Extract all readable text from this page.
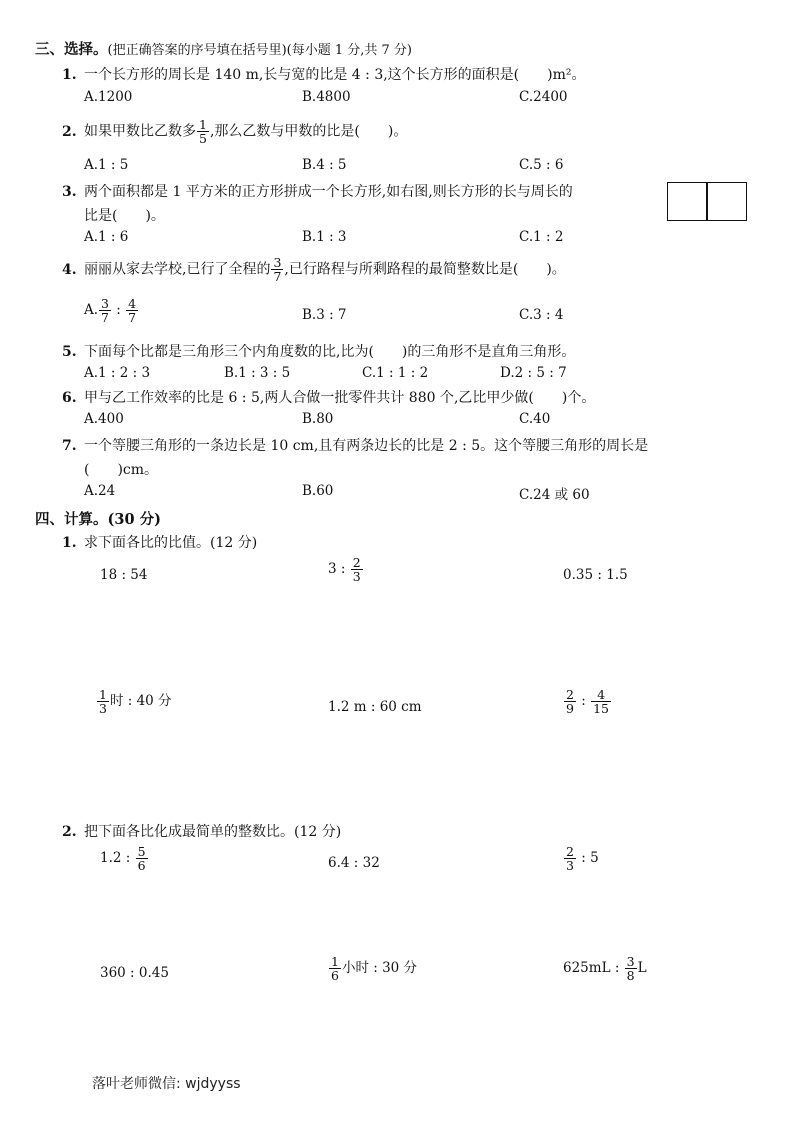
三、选择。(把正确答案的序号填在括号里)(每小题 1 分,共 7 分)
1. 一个长方形的周长是 140 m,长与宽的比是 4 : 3,这个长方形的面积是(　　)m²。
A.1200	B.4800	C.2400
2. 如果甲数比乙数多 $\frac{1}{5}$ ,那么乙数与甲数的比是(　　)。
A.1 : 5	B.4 : 5	C.5 : 6
3. 两个面积都是 1 平方米的正方形拼成一个长方形,如右图,则长方形的长与周长的
比是(　　)。
A.1 : 6	B.1 : 3	C.1 : 2
4. 丽丽从家去学校,已行了全程的 $\frac{3}{7}$ ,已行路程与所剩路程的最简整数比是(　　)。
A. $\frac{3}{7}$ : $\frac{4}{7}$	B.3 : 7	C.3 : 4
5. 下面每个比都是三角形三个内角度数的比,比为(　　)的三角形不是直角三角形。
A.1 : 2 : 3	B.1 : 3 : 5	C.1 : 1 : 2	D.2 : 5 : 7
6. 甲与乙工作效率的比是 6 : 5,两人合做一批零件共计 880 个,乙比甲少做(　　)个。
A.400	B.80	C.40
7. 一个等腰三角形的一条边长是 10 cm,且有两条边长的比是 2 : 5。这个等腰三角形的周长是
(　　)cm。
A.24	B.60	C.24 或 60
四、计算。(30 分)
1. 求下面各比的比值。(12 分)
18 : 54	3 : $\frac{2}{3}$	0.35 : 1.5
$\frac{1}{3}$ 时 : 40 分	1.2 m : 60 cm	$\frac{2}{9}$ : $\frac{4}{15}$
2. 把下面各比化成最简单的整数比。(12 分)
1.2 : $\frac{5}{6}$	6.4 : 32	$\frac{2}{3}$ : 5
360 : 0.45	$\frac{1}{6}$ 小时 : 30 分	625mL : $\frac{3}{8}$ L
落叶老师微信: wjdyyss
